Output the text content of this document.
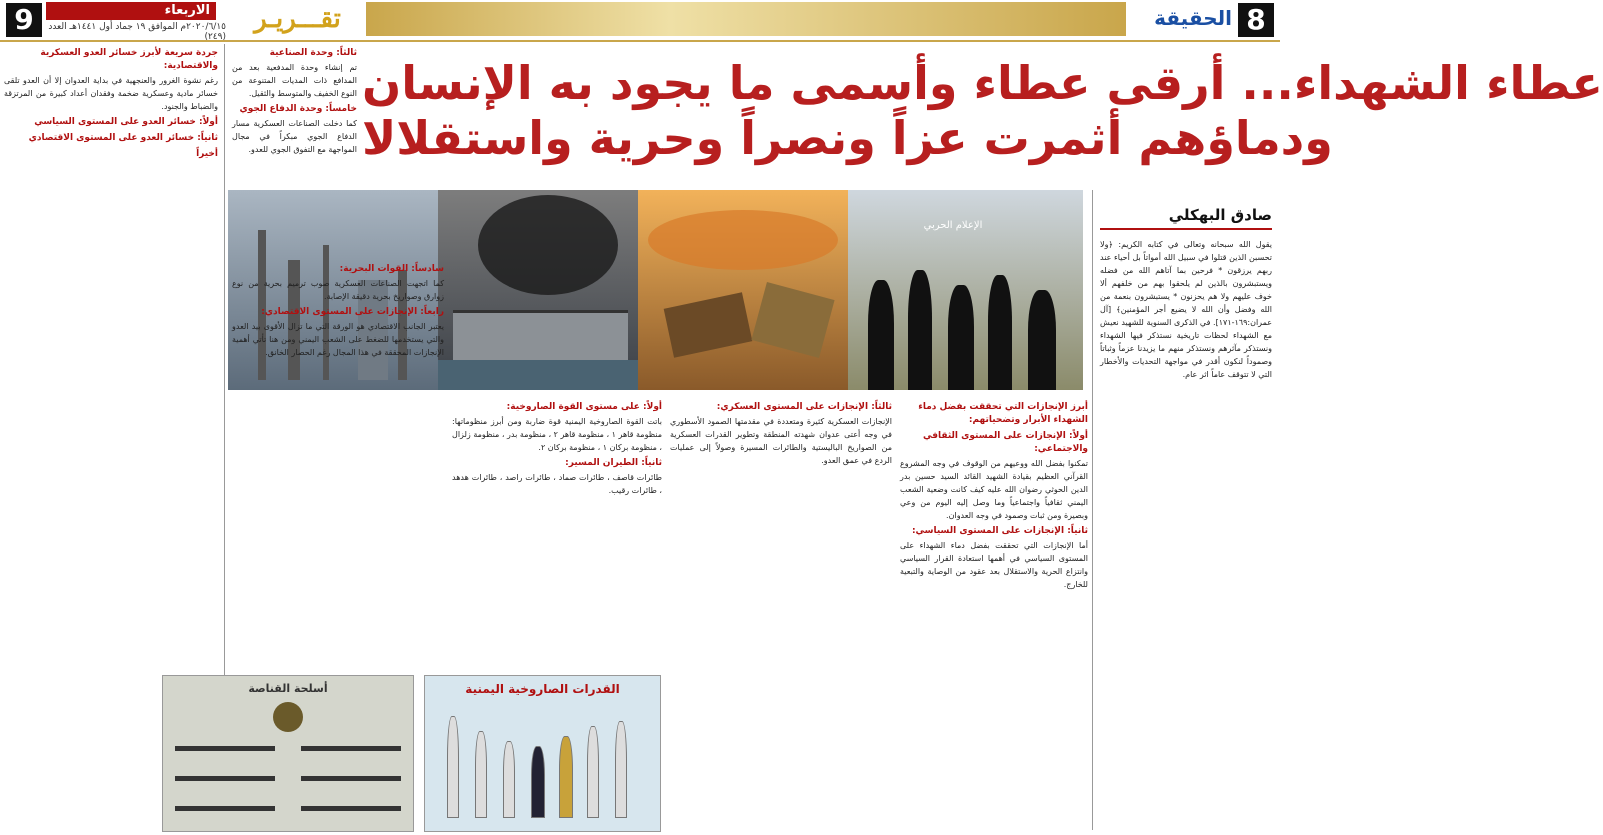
9	الاربعاء
٢٠٢٠/٦/١٥م الموافق ١٩ جماد أول ١٤٤١هـ العدد (٢٤٩)
تقـــريـر	الحقيقة 8
عطاء الشهداء... أرقى عطاء وأسمى ما يجود به الإنسان
ودماؤهم أثمرت عزاً ونصراً وحرية واستقلالا
صادق البهكلي

يقول الله سبحانه وتعالى في كتابه الكريم: ﴿ولا تحسبن الذين قتلوا في سبيل الله أمواتاً بل أحياء عند ربهم يرزقون * فرحين بما آتاهم الله من فضله ويستبشرون بالذين لم يلحقوا بهم من خلفهم ألا خوف عليهم ولا هم يحزنون * يستبشرون بنعمة من الله وفضل وأن الله لا يضيع أجر المؤمنين﴾ [آل عمران:١٦٩-١٧١]. في الذكرى السنوية للشهيد نعيش مع الشهداء لحظات تاريخية نستذكر فيها الشهداء ونستذكر مآثرهم ونستذكر منهم ما يزيدنا عزماً وثباتاً وصموداً لنكون أقدر في مواجهة التحديات والأخطار التي لا تتوقف عاماً اثر عام.

الإعلام الحربي
أبرز الإنجازات التي تحققت بفضل دماء الشهداء الأبرار وتضحياتهم:
أولاً: الإنجازات على المستوى الثقافي والاجتماعي:

تمكنوا بفضل الله ووعيهم من الوقوف في وجه المشروع القرآني العظيم بقيادة الشهيد القائد السيد حسين بدر الدين الحوثي رضوان الله عليه كيف كانت وضعية الشعب اليمني ثقافياً واجتماعياً وما وصل إليه اليوم من وعي وبصيرة ومن ثبات وصمود في وجه العدوان.

ثانياً: الإنجازات على المستوى السياسي:

أما الإنجازات التي تحققت بفضل دماء الشهداء على المستوى السياسي في أهمها استعادة القرار السياسي وانتزاع الحرية والاستقلال بعد عقود من الوصاية والتبعية للخارج.

ثالثاً: الإنجازات على المستوى العسكري:

الإنجازات العسكرية كثيرة ومتعددة في مقدمتها الصمود الأسطوري في وجه أعتى عدوان شهدته المنطقة وتطوير القدرات العسكرية من الصواريخ الباليستية والطائرات المسيرة وصولاً إلى عمليات الردع في عمق العدو.

أولاً: على مستوى القوة الصاروخية:

باتت القوة الصاروخية اليمنية قوة ضاربة ومن أبرز منظوماتها: منظومة قاهر ١ ، منظومة قاهر ٢ ، منظومة بدر ، منظومة زلزال ، منظومة بركان ١ ، منظومة بركان ٢.

ثانياً: الطيران المسير:

طائرات قاصف ، طائرات صماد ، طائرات راصد ، طائرات هدهد ، طائرات رقيب.

سادساً: القوات البحرية:

كما اتجهت الصناعات العسكرية صوب ترميم بحرية من نوع زوارق وصواريخ بحرية دقيقة الإصابة.

رابعاً: الإنجازات على المستوى الاقتصادي:

يعتبر الجانب الاقتصادي هو الورقة التي ما تزال الأقوى بيد العدو والتي يستخدمها للضغط على الشعب اليمني ومن هنا تأتي أهمية الإنجازات المحققة في هذا المجال رغم الحصار الخانق.

ثالثاً: وحدة الصناعية

تم إنشاء وحدة المدفعية بعد من المدافع ذات المديات المتنوعة من النوع الخفيف والمتوسط والثقيل.

خامساً: وحدة الدفاع الجوي

كما دخلت الصناعات العسكرية مسار الدفاع الجوي مبكراً في مجال المواجهة مع التفوق الجوي للعدو.

جردة سريعة لأبرز خسائر العدو العسكرية والاقتصادية:

رغم نشوة الغرور والعنجهية في بداية العدوان إلا أن العدو تلقى خسائر مادية وعسكرية ضخمة وفقدان أعداد كبيرة من المرتزقة والضباط والجنود.

أولاً: خسائر العدو على المستوى السياسي
ثانياً: خسائر العدو على المستوى الاقتصادي
أخيراً
أسلحة القناصة	القدرات الصاروخية اليمنية
